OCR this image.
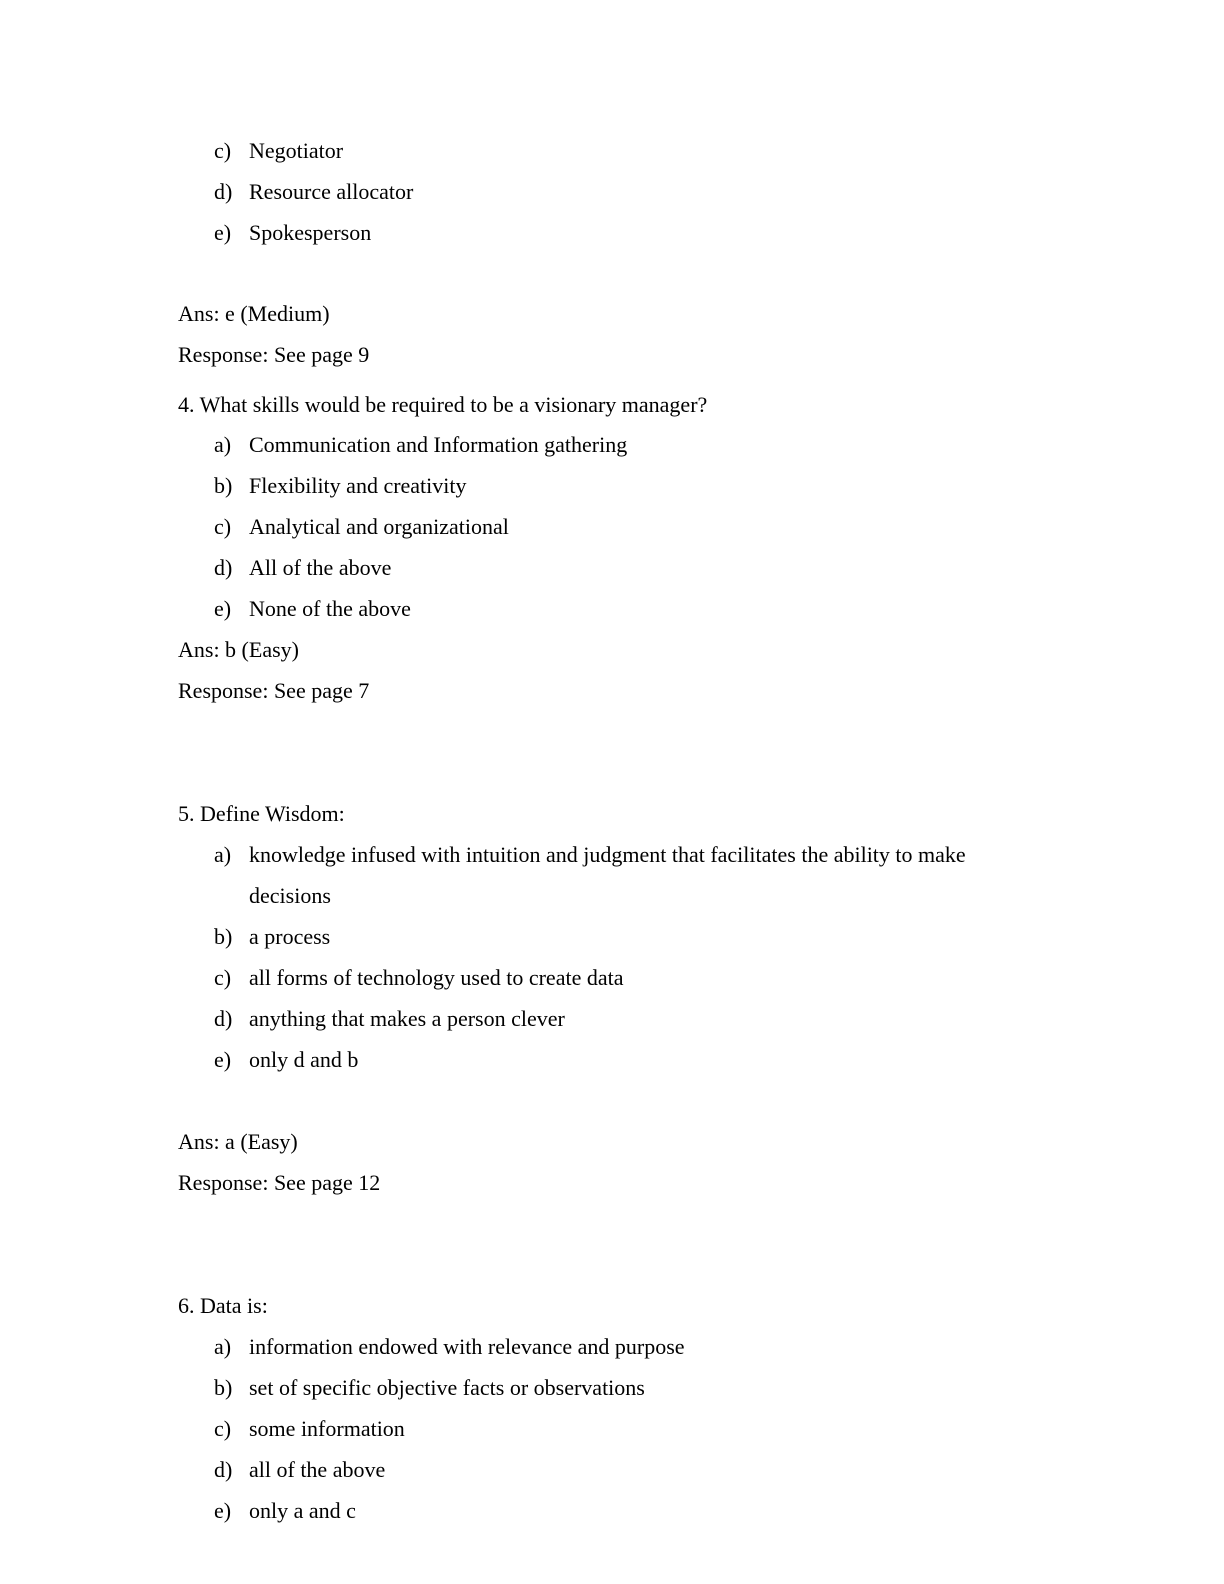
c) Negotiator
d) Resource allocator
e) Spokesperson
Ans: e (Medium)
Response: See page 9
4. What skills would be required to be a visionary manager?
a) Communication and Information gathering
b) Flexibility and creativity
c) Analytical and organizational
d) All of the above
e) None of the above
Ans: b (Easy)
Response: See page 7
5. Define Wisdom:
a) knowledge infused with intuition and judgment that facilitates the ability to make
decisions
b) a process
c) all forms of technology used to create data
d) anything that makes a person clever
e) only d and b
Ans: a (Easy)
Response: See page 12
6. Data is:
a) information endowed with relevance and purpose
b) set of specific objective facts or observations
c) some information
d) all of the above
e) only a and c
